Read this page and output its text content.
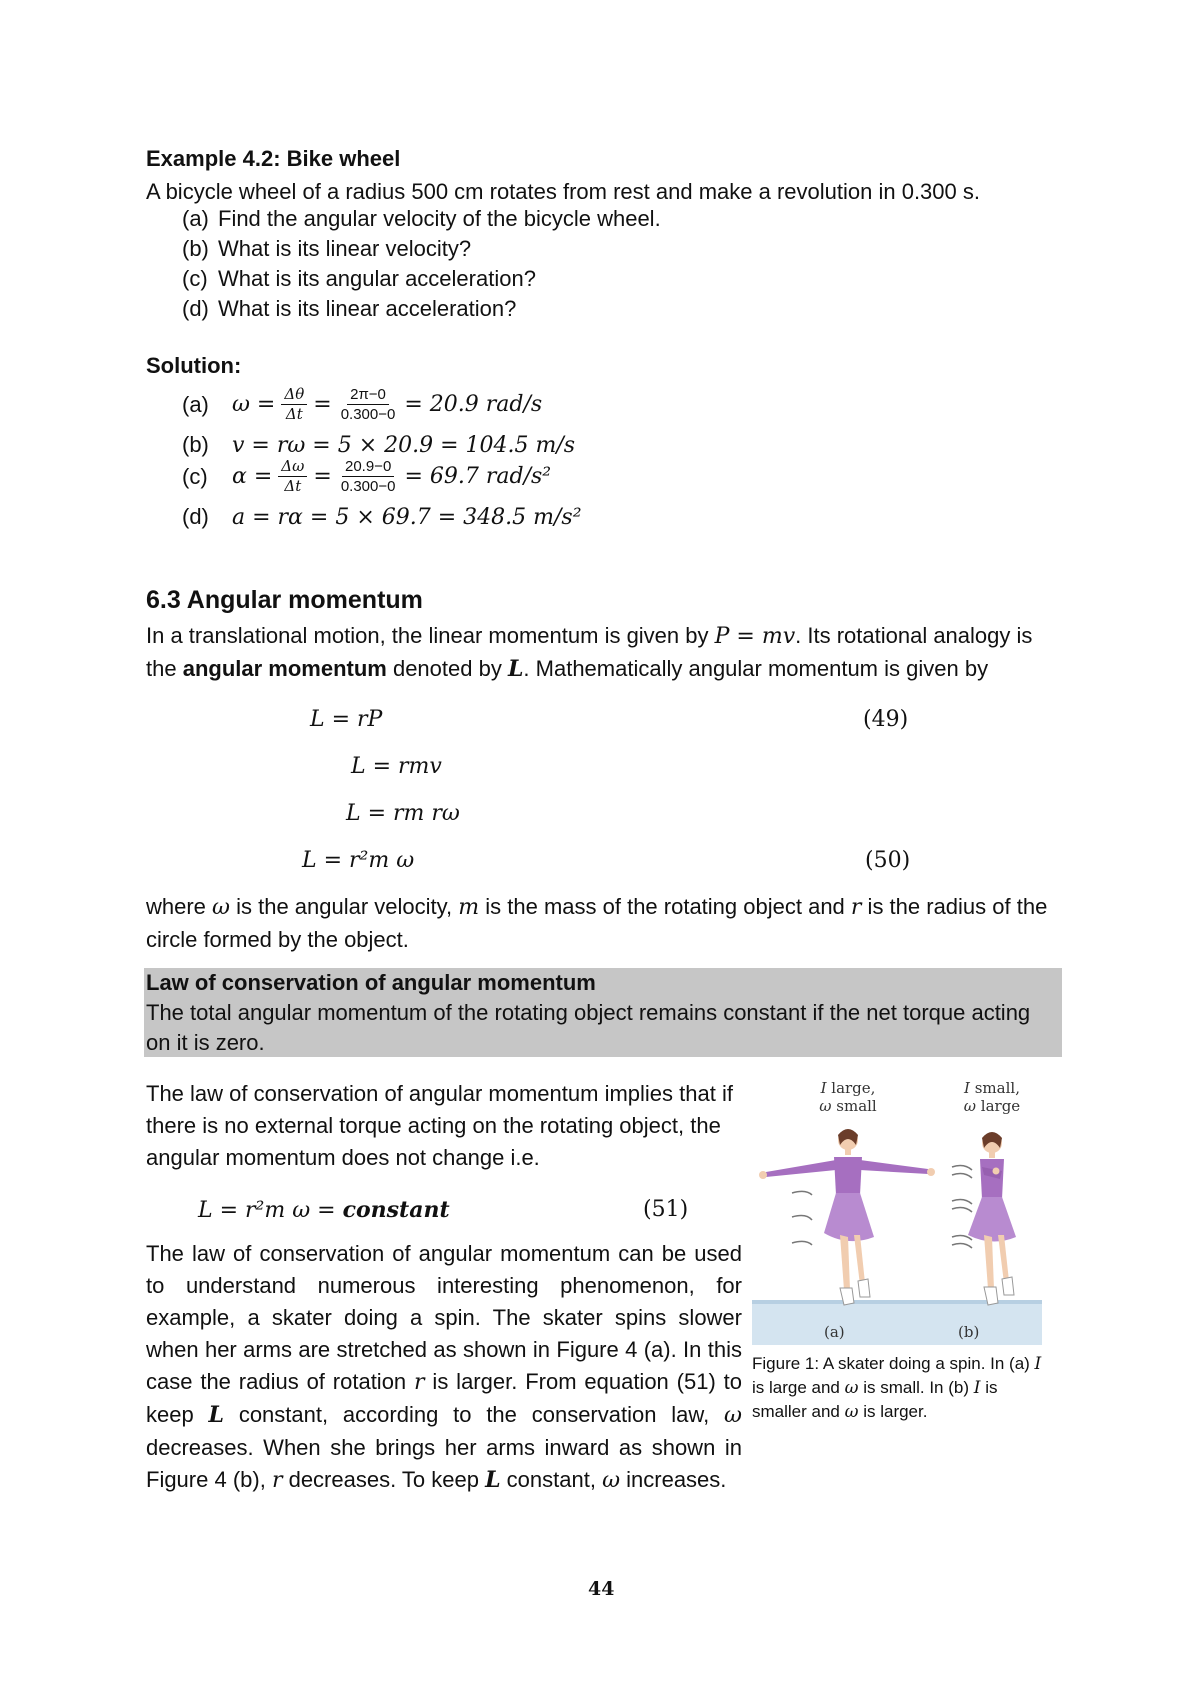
Example 4.2: Bike wheel
A bicycle wheel of a radius 500 cm rotates from rest and make a revolution in 0.300 s.
(a) Find the angular velocity of the bicycle wheel.
(b) What is its linear velocity?
(c) What is its angular acceleration?
(d) What is its linear acceleration?
Solution:
(a)	$\omega = \frac{\Delta\theta}{\Delta t} = \frac{2\pi-0}{0.300-0} = 20.9$ rad/s
(b)	v = rω = 5 × 20.9 = 104.5 m/s
(c)	$\alpha = \frac{\Delta\omega}{\Delta t} = \frac{20.9-0}{0.300-0} = 69.7$ rad/s²
(d)	a = rα = 5 × 69.7 = 348.5 m/s²
6.3 Angular momentum
In a translational motion, the linear momentum is given by P = mv. Its rotational analogy is the angular momentum denoted by L. Mathematically angular momentum is given by
L = rP	(49)
L = rmv
L = rm rω
L = r²m ω	(50)
where ω is the angular velocity, m is the mass of the rotating object and r is the radius of the circle formed by the object.
Law of conservation of angular momentum
The total angular momentum of the rotating object remains constant if the net torque acting on it is zero.
The law of conservation of angular momentum implies that if there is no external torque acting on the rotating object, the angular momentum does not change i.e.
L = r²m ω = constant	(51)
The law of conservation of angular momentum can be used to understand numerous interesting phenomenon, for example, a skater doing a spin. The skater spins slower when her arms are stretched as shown in Figure 4 (a). In this case the radius of rotation r is larger. From equation (51) to keep L constant, according to the conservation law, ω decreases. When she brings her arms inward as shown in Figure 4 (b), r decreases. To keep L constant, ω increases.
I large,
ω small
I small,
ω large
(a)	(b)
Figure 1: A skater doing a spin. In (a) I is large and ω is small. In (b) I is smaller and ω is larger.
44
